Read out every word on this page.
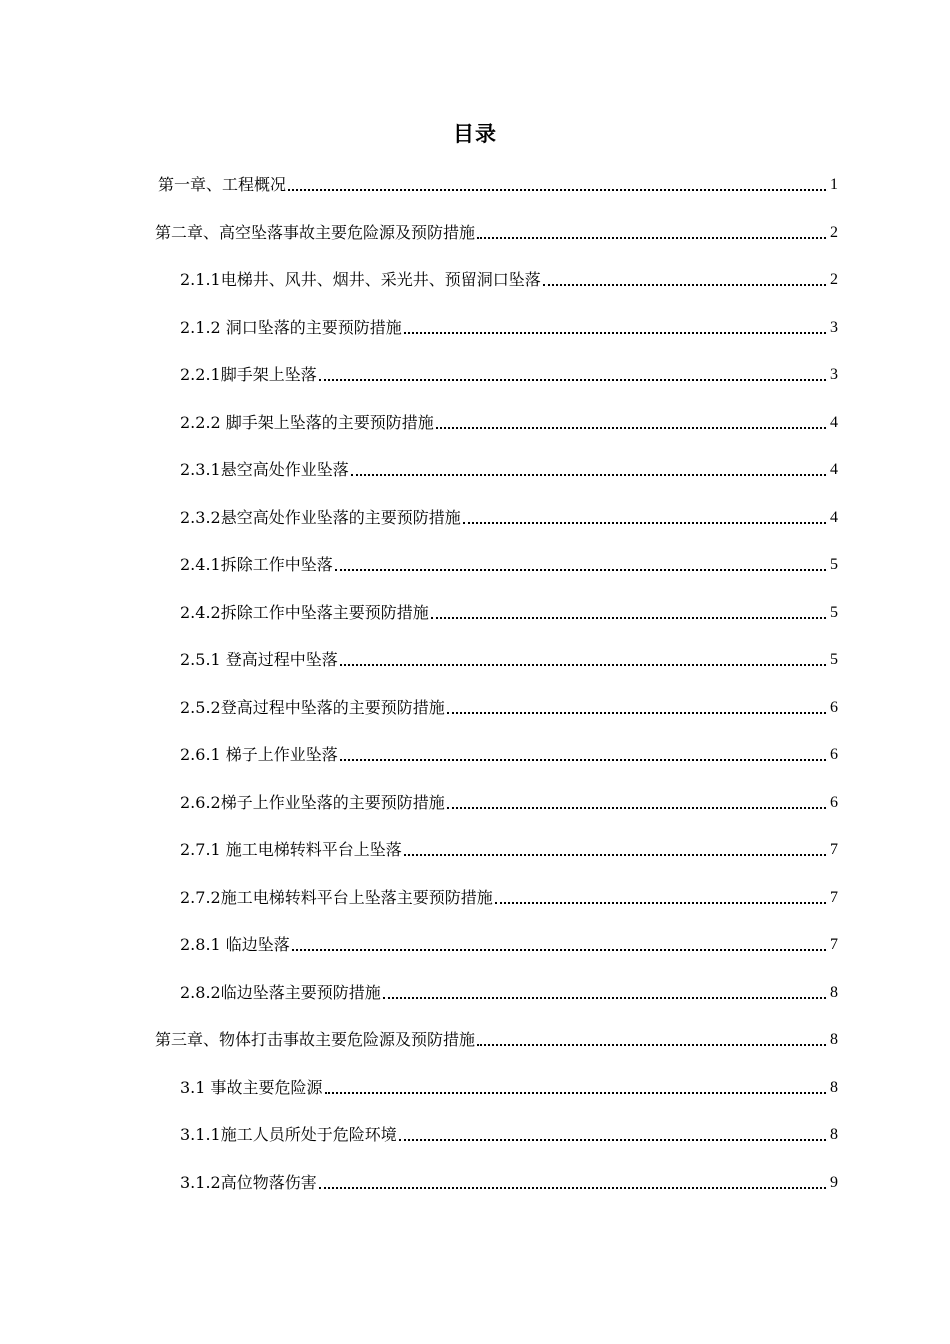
目录
第一章、工程概况	1
第二章、高空坠落事故主要危险源及预防措施	2
2.1.1电梯井、风井、烟井、采光井、预留洞口坠落	2
2.1.2 洞口坠落的主要预防措施	3
2.2.1脚手架上坠落	3
2.2.2 脚手架上坠落的主要预防措施	4
2.3.1悬空高处作业坠落	4
2.3.2悬空高处作业坠落的主要预防措施	4
2.4.1拆除工作中坠落	5
2.4.2拆除工作中坠落主要预防措施	5
2.5.1 登高过程中坠落	5
2.5.2登高过程中坠落的主要预防措施	6
2.6.1 梯子上作业坠落	6
2.6.2梯子上作业坠落的主要预防措施	6
2.7.1 施工电梯转料平台上坠落	7
2.7.2施工电梯转料平台上坠落主要预防措施	7
2.8.1 临边坠落	7
2.8.2临边坠落主要预防措施	8
第三章、物体打击事故主要危险源及预防措施	8
3.1 事故主要危险源	8
3.1.1施工人员所处于危险环境	8
3.1.2高位物落伤害	9
